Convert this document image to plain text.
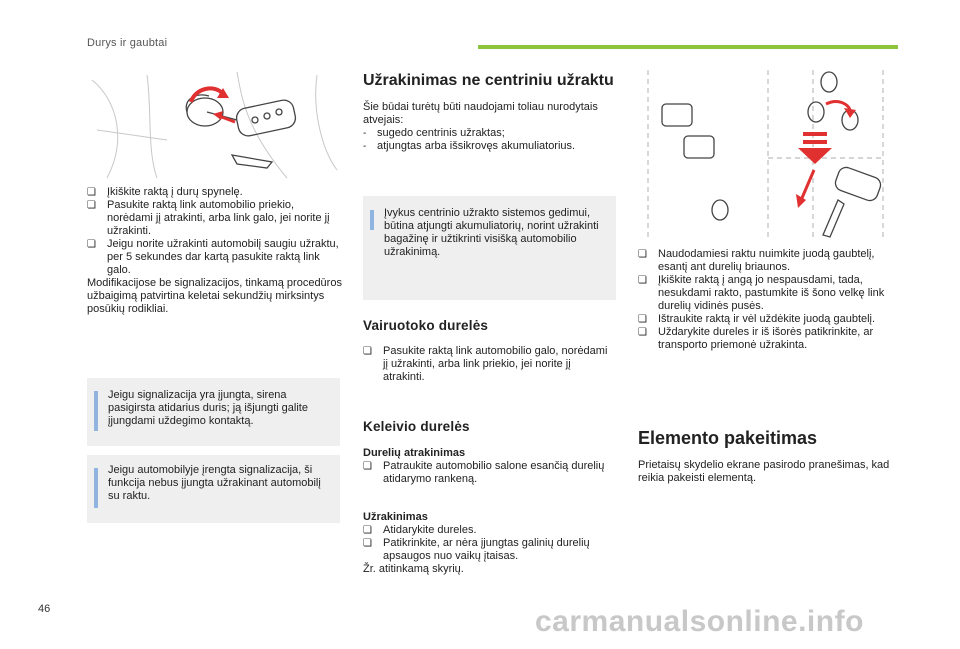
Durys ir gaubtai
❏	Įkiškite raktą į durų spynelę.
❏	Pasukite raktą link automobilio priekio, norėdami jį atrakinti, arba link galo, jei norite jį užrakinti.
❏	Jeigu norite užrakinti automobilį saugiu užraktu, per 5 sekundes dar kartą pasukite raktą link galo.

Modifikacijose be signalizacijos, tinkamą procedūros užbaigimą patvirtina keletai sekundžių mirksintys posūkių rodikliai.

Jeigu signalizacija yra įjungta, sirena pasigirsta atidarius duris; ją išjungti galite įjungdami uždegimo kontaktą.
Jeigu automobilyje įrengta signalizacija, ši funkcija nebus įjungta užrakinant automobilį su raktu.
Užrakinimas ne centriniu užraktu

Šie būdai turėtų būti naudojami toliau nurodytais atvejais:

- sugedo centrinis užraktas;
- atjungtas arba išsikrovęs akumuliatorius.
Įvykus centrinio užrakto sistemos gedimui, būtina atjungti akumuliatorių, norint užrakinti bagažinę ir užtikrinti visišką automobilio užrakinimą.
Vairuotoko durelės
❏	Pasukite raktą link automobilio galo, norėdami jį užrakinti, arba link priekio, jei norite jį atrakinti.
Keleivio durelės
Durelių atrakinimas
❏	Patraukite automobilio salone esančią durelių atidarymo rankeną.
Užrakinimas
❏	Atidarykite dureles.
❏	Patikrinkite, ar nėra įjungtas galinių durelių apsaugos nuo vaikų įtaisas.

Žr. atitinkamą skyrių.

❏	Naudodamiesi raktu nuimkite juodą gaubtelį, esantį ant durelių briaunos.
❏	Įkiškite raktą į angą jo nespausdami, tada, nesukdami rakto, pastumkite iš šono velkę link durelių vidinės pusės.
❏	Ištraukite raktą ir vėl uždėkite juodą gaubtelį.
❏	Uždarykite dureles ir iš išorės patikrinkite, ar transporto priemonė užrakinta.
Elemento pakeitimas
Prietaisų skydelio ekrane pasirodo pranešimas, kad reikia pakeisti elementą.
46	carmanualsonline.info
